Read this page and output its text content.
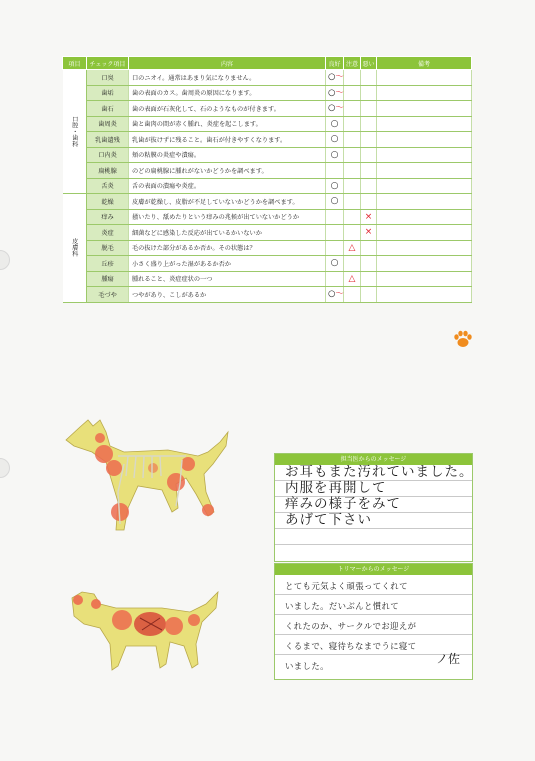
項目	チェック項目	内容	良好	注意	悪い	備考
口腔・歯科	口臭	口のニオイ。通常はあまり気になりません。	○〜			

	歯垢	歯の表面のカス。歯周炎の原因になります。	○〜			

	歯石	歯の表面が石灰化して、石のようなものが付きます。	○〜			

	歯周炎	歯と歯肉の間が赤く腫れ、炎症を起こします。	○			
	乳歯遺残	乳歯が抜けずに残ること。歯石が付きやすくなります。	○			
	口内炎	頬の粘膜の炎症や潰瘍。	○			
	扁桃腺	のどの扁桃腺に腫れがないかどうかを調べます。				
	舌炎	舌の表面の潰瘍や炎症。	○			
皮膚科	乾燥	皮膚が乾燥し、皮脂が不足していないかどうかを調べます。	○			
	痒み	掻いたり、舐めたりという痒みの兆候が出ていないかどうか			×	
	炎症	細菌などに感染した反応が出ているかいないか			×	
	脱毛	毛の抜けた部分があるか否か。その状態は？		△		
	丘疹	小さく盛り上がった湿があるか否か	○			
	腫瘍	腫れること、炎症症状の一つ		△		
	毛づや	つやがあり、こしがあるか	○〜			

担当医からのメッセージ
お耳もまた汚れていました。
内服を再開して
痒みの様子をみて
あげて下さい
トリマーからのメッセージ
とても元気よく頑張ってくれて
いました。だいぶんと慣れて
くれたのか、サークルでお迎えが
くるまで、寝待ちなまでうに寝て
いました。	ノ佐
